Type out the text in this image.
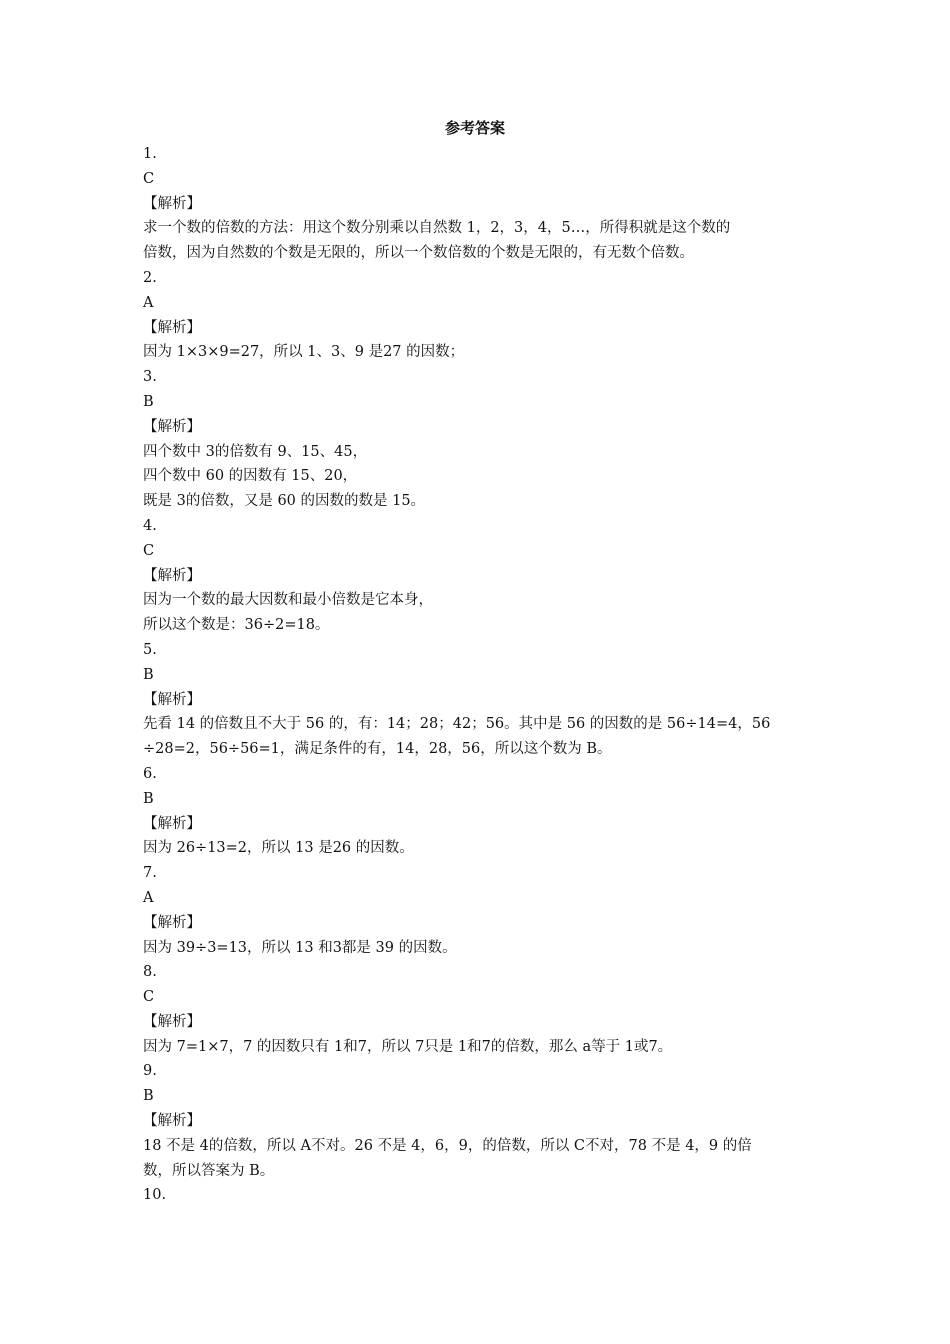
参考答案
1.
C
【解析】
求一个数的倍数的方法：用这个数分别乘以自然数 1，2，3，4，5…，所得积就是这个数的
倍数，因为自然数的个数是无限的，所以一个数倍数的个数是无限的，有无数个倍数。
2.
A
【解析】
因为 1×3×9=27，所以 1、3、9 是27 的因数；
3.
B
【解析】
四个数中 3的倍数有 9、15、45，
四个数中 60 的因数有 15、20，
既是 3的倍数，又是 60 的因数的数是 15。
4.
C
【解析】
因为一个数的最大因数和最小倍数是它本身，
所以这个数是：36÷2=18。
5.
B
【解析】
先看 14 的倍数且不大于 56 的，有：14；28；42；56。其中是 56 的因数的是 56÷14=4，56
÷28=2，56÷56=1，满足条件的有，14，28，56，所以这个数为 B。
6.
B
【解析】
因为 26÷13=2，所以 13 是26 的因数。
7.
A
【解析】
因为 39÷3=13，所以 13 和3都是 39 的因数。
8.
C
【解析】
因为 7=1×7，7 的因数只有 1和7，所以 7只是 1和7的倍数，那么 a等于 1或7。
9.
B
【解析】
18 不是 4的倍数，所以 A不对。26 不是 4，6，9，的倍数，所以 C不对，78 不是 4，9 的倍
数，所以答案为 B。
10.
